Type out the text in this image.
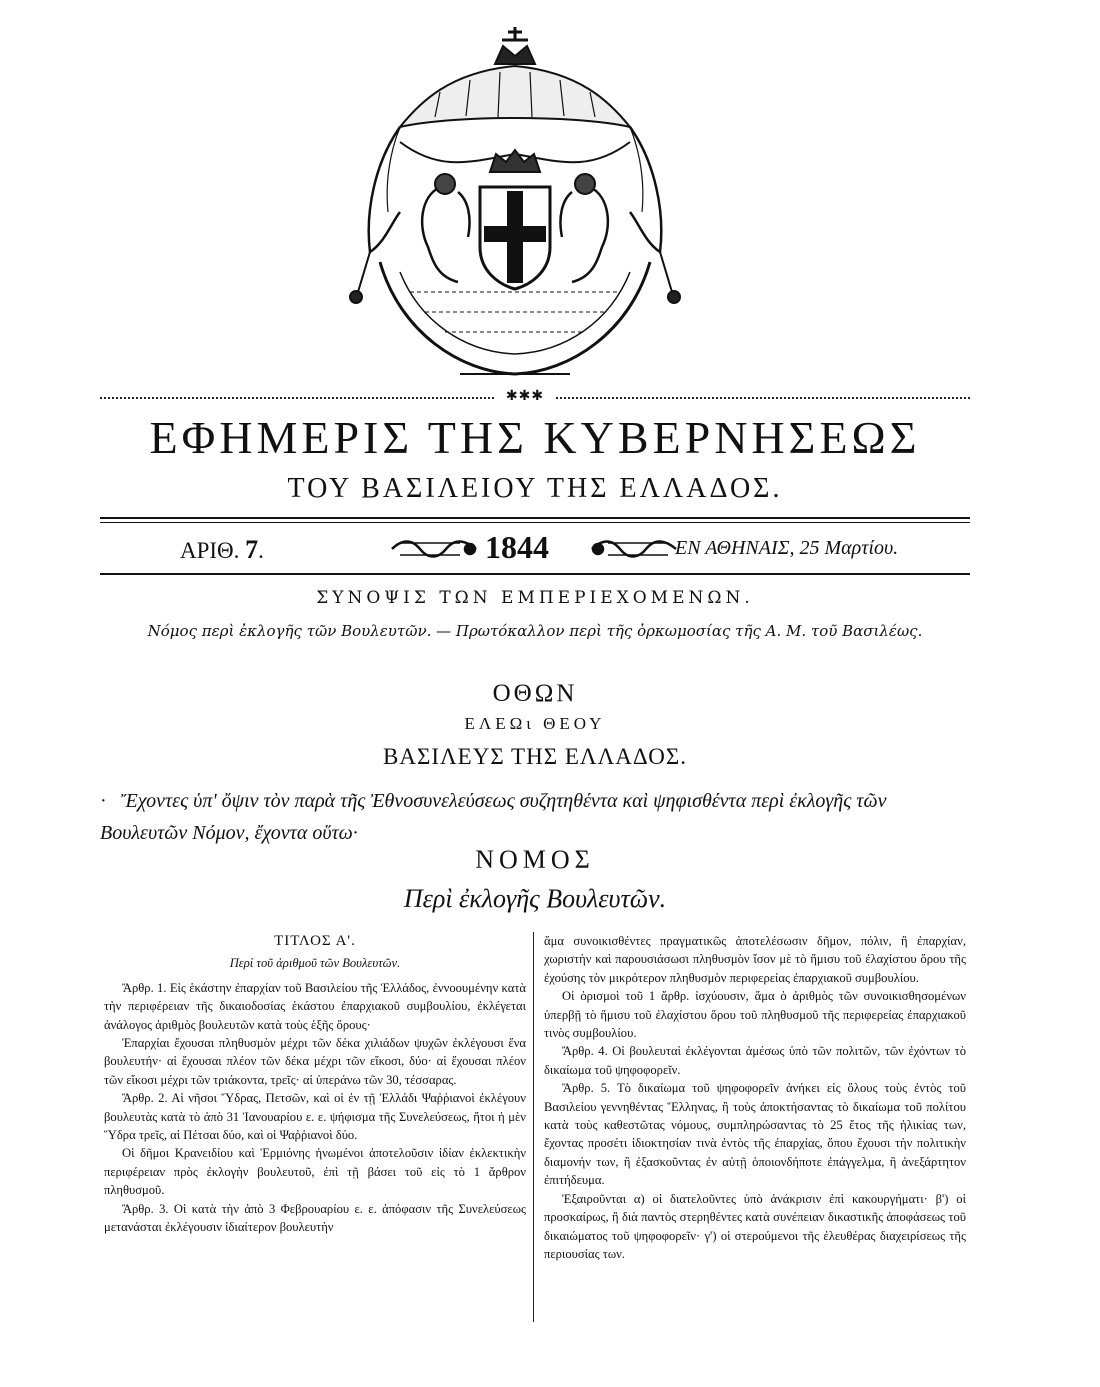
✱✱✱
ΕΦΗΜΕΡΙΣ ΤΗΣ ΚΥΒΕΡΝΗΣΕΩΣ
ΤΟΥ ΒΑΣΙΛΕΙΟΥ ΤΗΣ ΕΛΛΑΔΟΣ.
ΑΡΙΘ. 7.	1844	ΕΝ ΑΘΗΝΑΙΣ, 25 Μαρτίου.
ΣΥΝΟΨΙΣ ΤΩΝ ΕΜΠΕΡΙΕΧΟΜΕΝΩΝ.
Νόμος περὶ ἐκλογῆς τῶν Βουλευτῶν. — Πρωτόκαλλον περὶ τῆς ὁρκωμοσίας τῆς Α. Μ. τοῦ Βασιλέως.
ΟΘΩΝ
ΕΛΕΩι ΘΕΟΥ
ΒΑΣΙΛΕΥΣ ΤΗΣ ΕΛΛΑΔΟΣ.
· Ἔχοντες ὑπ' ὄψιν τὸν παρὰ τῆς Ἐθνοσυνελεύσεως συζητηθέντα καὶ ψηφισθέντα περὶ ἐκλογῆς τῶν Βουλευτῶν Νόμον, ἔχοντα οὕτω·
ΝΟΜΟΣ
Περὶ ἐκλογῆς Βουλευτῶν.

ΤΙΤΛΟΣ Α'.

Περὶ τοῦ ἀριθμοῦ τῶν Βουλευτῶν.

Ἄρθρ. 1. Εἰς ἑκάστην ἐπαρχίαν τοῦ Βασιλείου τῆς Ἑλλάδος, ἐννοουμένην κατὰ τὴν περιφέρειαν τῆς δικαιοδοσίας ἑκάστου ἐπαρχιακοῦ συμβουλίου, ἐκλέγεται ἀνάλογος ἀριθμὸς βουλευτῶν κατὰ τοὺς ἑξῆς ὅρους·

Ἐπαρχίαι ἔχουσαι πληθυσμὸν μέχρι τῶν δέκα χιλιάδων ψυχῶν ἐκλέγουσι ἕνα βουλευτήν· αἱ ἔχουσαι πλέον τῶν δέκα μέχρι τῶν εἴκοσι, δύο· αἱ ἔχουσαι πλέον τῶν εἴκοσι μέχρι τῶν τριάκοντα, τρεῖς· αἱ ὑπεράνω τῶν 30, τέσσαρας.

Ἄρθρ. 2. Αἱ νῆσοι Ὕδρας, Πετσῶν, καὶ οἱ ἐν τῇ Ἑλλάδι Ψαῤῥιανοὶ ἐκλέγουν βουλευτὰς κατὰ τὸ ἀπὸ 31 Ἰανουαρίου ε. ε. ψήφισμα τῆς Συνελεύσεως, ἤτοι ἡ μὲν Ὕδρα τρεῖς, αἱ Πέτσαι δύο, καὶ οἱ Ψαῤῥιανοὶ δύο.

Οἱ δῆμοι Κρανειδίου καὶ Ἑρμιόνης ἡνωμένοι ἀποτελοῦσιν ἰδίαν ἐκλεκτικὴν περιφέρειαν πρὸς ἐκλογὴν βουλευτοῦ, ἐπὶ τῇ βάσει τοῦ εἰς τὸ 1 ἄρθρον πληθυσμοῦ.

Ἄρθρ. 3. Οἱ κατὰ τὴν ἀπὸ 3 Φεβρουαρίου ε. ε. ἀπόφασιν τῆς Συνελεύσεως μετανάσται ἐκλέγουσιν ἰδιαίτερον βουλευτὴν

ἅμα συνοικισθέντες πραγματικῶς ἀποτελέσωσιν δῆμον, πόλιν, ἢ ἐπαρχίαν, χωριστὴν καὶ παρουσιάσωσι πληθυσμὸν ἴσον μὲ τὸ ἥμισυ τοῦ ἐλαχίστου ὅρου τῆς ἐχούσης τὸν μικρότερον πληθυσμὸν περιφερείας ἐπαρχιακοῦ συμβουλίου.

Οἱ ὁρισμοὶ τοῦ 1 ἄρθρ. ἰσχύουσιν, ἅμα ὁ ἀριθμὸς τῶν συνοικισθησομένων ὑπερβῇ τὸ ἥμισυ τοῦ ἐλαχίστου ὅρου τοῦ πληθυσμοῦ τῆς περιφερείας ἐπαρχιακοῦ τινὸς συμβουλίου.

Ἄρθρ. 4. Οἱ βουλευταὶ ἐκλέγονται ἀμέσως ὑπὸ τῶν πολιτῶν, τῶν ἐχόντων τὸ δικαίωμα τοῦ ψηφοφορεῖν.

Ἄρθρ. 5. Τὸ δικαίωμα τοῦ ψηφοφορεῖν ἀνήκει εἰς ὅλους τοὺς ἐντὸς τοῦ Βασιλείου γεννηθέντας Ἕλληνας, ἢ τοὺς ἀποκτήσαντας τὸ δικαίωμα τοῦ πολίτου κατὰ τοὺς καθεστῶτας νόμους, συμπληρώσαντας τὸ 25 ἔτος τῆς ἡλικίας των, ἔχοντας προσέτι ἰδιοκτησίαν τινὰ ἐντὸς τῆς ἐπαρχίας, ὅπου ἔχουσι τὴν πολιτικὴν διαμονήν των, ἢ ἐξασκοῦντας ἐν αὐτῇ ὁποιονδήποτε ἐπάγγελμα, ἢ ἀνεξάρτητον ἐπιτήδευμα.

Ἐξαιροῦνται α) οἱ διατελοῦντες ὑπὸ ἀνάκρισιν ἐπὶ κακουργήματι· β') οἱ προσκαίρως, ἢ διὰ παντὸς στερηθέντες κατὰ συνέπειαν δικαστικῆς ἀποφάσεως τοῦ δικαιώματος τοῦ ψηφοφορεῖν· γ') οἱ στερούμενοι τῆς ἐλευθέρας διαχειρίσεως τῆς περιουσίας των.
